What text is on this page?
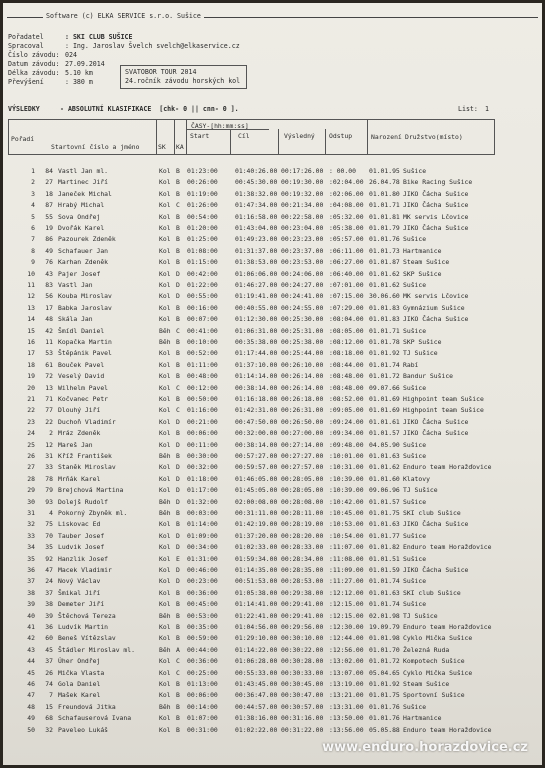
Software (c) ELKA SERVICE s.r.o. Sušice
Pořadatel	: SKI CLUB SUŠICE
Spracoval	: Ing. Jaroslav Švelch svelch@elkaservice.cz
Číslo závodu: 024
Datum závodu: 27.09.2014
Délka závodu: 5.10 km
Převýšení	: 380 m
SVATOBOR TOUR 2014
24.ročník závodu horských kol
VÝSLEDKY	- ABSOLUTNÍ KLASIFIKACE  [chk- 0 || cnn- 0 ].	List: 1
Pořadí
Startovní číslo a jméno	SK KA
ČASY-[hh:mm:ss]
Start	Cíl	Výsledný Odstup	Narození Družstvo(místo)
1	84 Vastl Jan ml.	Kol B 01:23:00	01:40:26.00 00:17:26.00 : 00.00 01.01.95 Sušice
2	27 Martinec Jiří	Kol B 00:26:00	00:45:30.00 00:19:30.00 :02:04.00 26.04.78 Bike Racing Sušice
3	18 Janeček Michal	Kol B 01:19:00	01:38:32.00 00:19:32.00 :02:06.00 01.01.80 JIKO Čácha Sušice
4	87 Hrabý Michal	Kol C 01:26:00	01:47:34.00 00:21:34.00 :04:08.00 01.01.71 JIKO Čácha Sušice
5	55 Sova Ondřej	Kol B 00:54:00	01:16:58.00 00:22:58.00 :05:32.00 01.01.81 MK servis Lčovice
6	19 Dvořák Karel	Kol B 01:20:00	01:43:04.00 00:23:04.00 :05:38.00 01.01.79 JIKO Čácha Sušice
7	86 Pazourek Zdeněk	Kol B 01:25:00	01:49:23.00 00:23:23.00 :05:57.00 01.01.76 Sušice
8	49 Schafauer Jan	Kol B 01:08:00	01:31:37.00 00:23:37.00 :06:11.00 01.01.73 Hartmanice
9	76 Karhan Zdeněk	Kol B 01:15:00	01:38:53.00 00:23:53.00 :06:27.00 01.01.87 Steam Sušice
10	43 Pajer Josef	Kol D 00:42:00	01:06:06.00 00:24:06.00 :06:40.00 01.01.62 SKP Sušice
11	83 Vastl Jan	Kol D 01:22:00	01:46:27.00 00:24:27.00 :07:01.00 01.01.62 Sušice
12	56 Kouba Miroslav	Kol D 00:55:00	01:19:41.00 00:24:41.00 :07:15.00 30.06.60 MK servis Lčovice
13	17 Babka Jaroslav	Kol B 00:16:00	00:40:55.00 00:24:55.00 :07:29.00 01.01.83 Gymnázium Sušice
14	48 Skála Jan	Kol B 00:07:00	01:12:30.00 00:25:30.00 :08:04.00 01.01.83 JIKO Čácha Sušice
15	42 Šmídl Daniel	Běh C 00:41:00	01:06:31.00 00:25:31.00 :08:05.00 01.01.71 Sušice
16	11 Kopačka Martin	Běh B 00:10:00	00:35:38.00 00:25:38.00 :08:12.00 01.01.78 SKP Sušice
17	53 Štěpánik Pavel	Kol B 00:52:00	01:17:44.00 00:25:44.00 :08:18.00 01.01.92 TJ Sušice
18	61 Bouček Pavel	Kol B 01:11:00	01:37:10.00 00:26:10.00 :08:44.00 01.01.74 Rabí
19	72 Veselý David	Kol B 00:48:00	01:14:14.00 00:26:14.00 :08:48.00 01.01.72 Bandur Sušice
20	13 Wilhelm Pavel	Kol C 00:12:00	00:38:14.00 00:26:14.00 :08:48.00 09.07.66 Sušice
21	71 Kočvanec Petr	Kol B 00:50:00	01:16:18.00 00:26:18.00 :08:52.00 01.01.69 Highpoint team Sušice
22	77 Dlouhý Jiří	Kol C 01:16:00	01:42:31.00 00:26:31.00 :09:05.00 01.01.69 Highpoint team Sušice
23	22 Duchoň Vladimír	Kol D 00:21:00	00:47:50.00 00:26:50.00 :09:24.00 01.01.61 JIKO Čácha Sušice
24	2 Mráz Zdeněk	Kol B 00:06:00	00:32:00.00 00:27:00.00 :09:34.00 01.01.57 JIKO Čácha Sušice
25	12 Mareš Jan	Kol D 00:11:00	00:38:14.00 00:27:14.00 :09:48.00 04.05.90 Sušice
26	31 Kříž František	Běh B 00:30:00	00:57:27.00 00:27:27.00 :10:01.00 01.01.63 Sušice
27	33 Staněk Miroslav	Kol D 00:32:00	00:59:57.00 00:27:57.00 :10:31.00 01.01.62 Enduro team Horažďovice
28	78 Mrňák Karel	Kol D 01:18:00	01:46:05.00 00:28:05.00 :10:39.00 01.01.60 Klatovy
29	79 Brejchová Martina	Kol D 01:17:00	01:45:05.00 00:28:05.00 :10:39.00 09.06.96 TJ Sušice
30	93 Dolejš Rudolf	Běh D 01:32:00	02:00:08.00 00:28:08.00 :10:42.00 01.01.57 Sušice
31	4 Pokorný Zbyněk ml.	Běh B 00:03:00	00:31:11.00 00:28:11.00 :10:45.00 01.01.75 SKI club Sušice
32	75 Liskovac Ed	Kol B 01:14:00	01:42:19.00 00:28:19.00 :10:53.00 01.01.63 JIKO Čácha Sušice
33	70 Tauber Josef	Kol D 01:09:00	01:37:20.00 00:28:20.00 :10:54.00 01.01.77 Sušice
34	35 Ludvik Josef	Kol D 00:34:00	01:02:33.00 00:28:33.00 :11:07.00 01.01.82 Enduro team Horažďovice
35	92 Hanzlik Josef	Kol E 01:31:00	01:59:34.00 00:28:34.00 :11:08.00 01.01.51 Sušice
36	47 Macek Vladimir	Kol D 00:46:00	01:14:35.00 00:28:35.00 :11:09.00 01.01.59 JIKO Čácha Sušice
37	24 Nový Václav	Kol D 00:23:00	00:51:53.00 00:28:53.00 :11:27.00 01.01.74 Sušice
38	37 Šmikal Jiří	Kol B 00:36:00	01:05:38.00 00:29:38.00 :12:12.00 01.01.63 SKI club Sušice
39	38 Demeter Jiří	Kol B 00:45:00	01:14:41.00 00:29:41.00 :12:15.00 01.01.74 Sušice
40	39 Štěchová Tereza	Běh B 00:53:00	01:22:41.00 00:29:41.00 :12:15.00 02.01.98 TJ Sušice
41	36 Ludvík Martin	Kol B 00:35:00	01:04:56.00 00:29:56.00 :12:30.00 19.09.79 Enduro team Horažďovice
42	60 Beneš Vítězslav	Kol B 00:59:00	01:29:10.00 00:30:10.00 :12:44.00 01.01.98 Cyklo Mička Sušice
43	45 Štádler Miroslav ml.	Běh A 00:44:00	01:14:22.00 00:30:22.00 :12:56.00 01.01.70 Železná Ruda
44	37 Úher Ondřej	Kol C 00:36:00	01:06:28.00 00:30:28.00 :13:02.00 01.01.72 Kompotech Sušice
45	26 Mička Vlasta	Kol C 00:25:00	00:55:33.00 00:30:33.00 :13:07.00 05.04.65 Cyklo Mička Sušice
46	74 Gola Daniel	Kol B 01:13:00	01:43:45.00 00:30:45.00 :13:19.00 01.01.92 Steam Sušice
47	7 Mašek Karel	Kol B 00:06:00	00:36:47.00 00:30:47.00 :13:21.00 01.01.75 Sportovní Sušice
48	15 Freundová Jitka	Běh B 00:14:00	00:44:57.00 00:30:57.00 :13:31.00 01.01.76 Sušice
49	68 Schafauserová Ivana	Kol B 01:07:00	01:38:16.00 00:31:16.00 :13:50.00 01.01.76 Hartmanice
50	32 Paveleo Lukáš	Kol B 00:31:00	01:02:22.00 00:31:22.00 :13:56.00 05.05.88 Enduro team Horažďovice
www.enduro.horazdovice.cz
